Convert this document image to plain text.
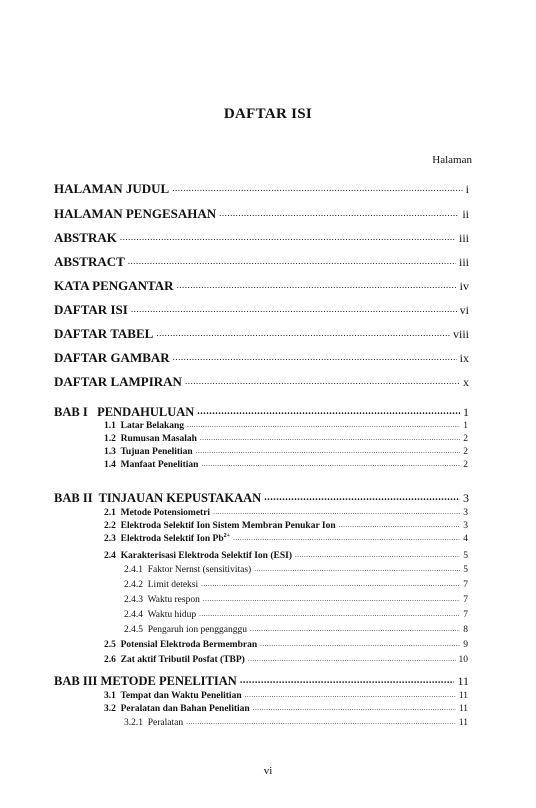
DAFTAR ISI
Halaman
HALAMAN JUDUL .....	i
HALAMAN PENGESAHAN .....	ii
ABSTRAK .....	iii
ABSTRACT .....	iii
KATA PENGANTAR .....	iv
DAFTAR ISI .....	vi
DAFTAR TABEL .....	viii
DAFTAR GAMBAR .....	ix
DAFTAR LAMPIRAN .....	x
BAB I   PENDAHULUAN .....	1
1.1  Latar Belakang .....	1
1.2  Rumusan Masalah .....	2
1.3  Tujuan Penelitian .....	2
1.4  Manfaat Penelitian .....	2
BAB II  TINJAUAN KEPUSTAKAAN .....	3
2.1  Metode Potensiometri .....	3
2.2  Elektroda Selektif Ion Sistem Membran Penukar Ion .....	3
2.3  Elektroda Selektif Ion $Pb^{2+}$ .....	4
2.4  Karakterisasi Elektroda Selektif Ion (ESI) .....	5
2.4.1  Faktor Nernst (sensitivitas) .....	5
2.4.2  Limit deteksi .....	7
2.4.3  Waktu respon .....	7
2.4.4  Waktu hidup .....	7
2.4.5  Pengaruh ion pengganggu .....	8
2.5  Potensial Elektroda Bermembran .....	9
2.6  Zat aktif Tributil Posfat (TBP) .....	10
BAB III METODE PENELITIAN .....	11
3.1  Tempat dan Waktu Penelitian .....	11
3.2  Peralatan dan Bahan Penelitian .....	11
3.2.1  Peralatan .....	11
vi
